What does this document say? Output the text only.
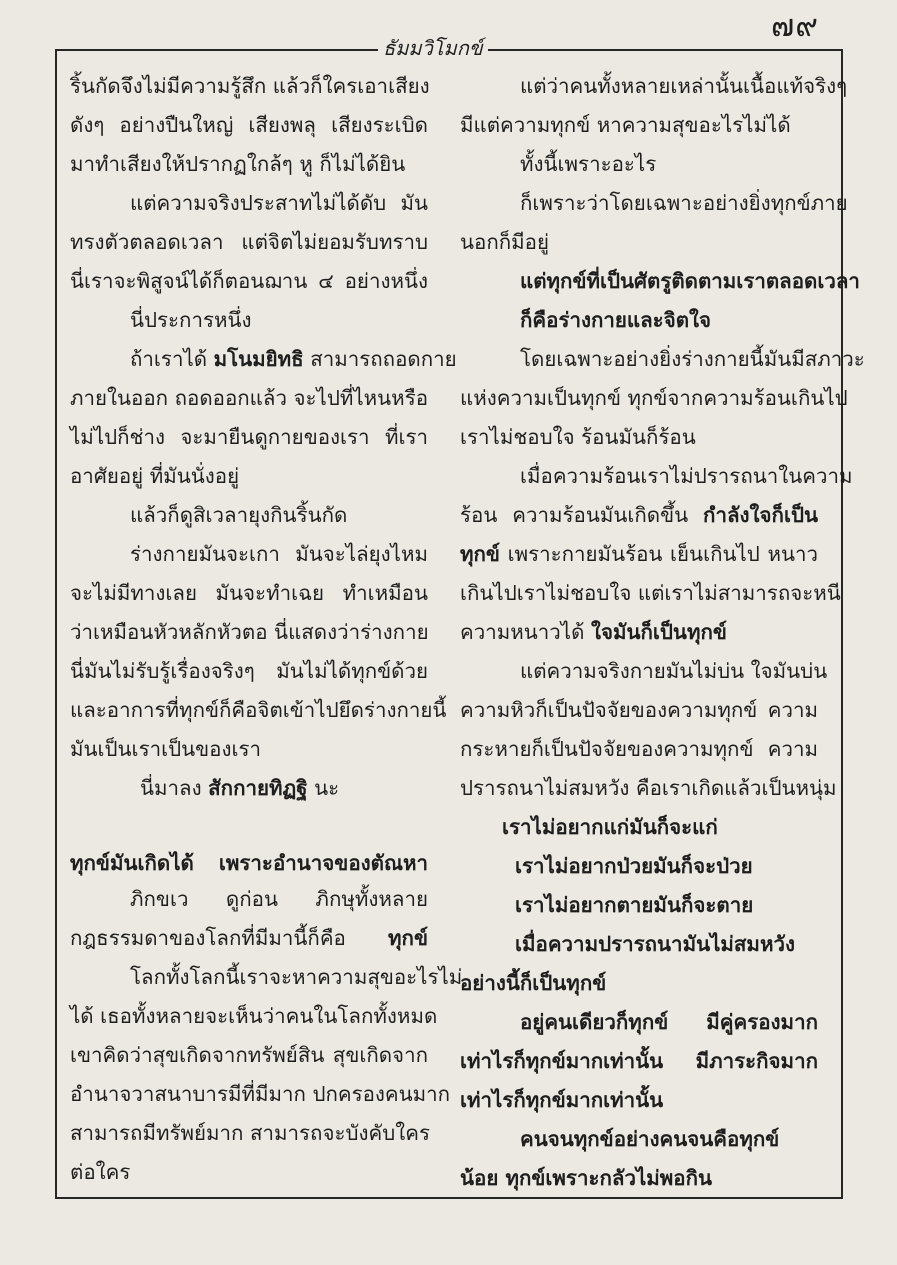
๗๙
ธัมมวิโมกข์
ริ้นกัดจึงไม่มีความรู้สึก แล้วก็ใครเอาเสียง
ดังๆ อย่างปืนใหญ่ เสียงพลุ เสียงระเบิด
มาทำเสียงให้ปรากฏใกล้ๆ หู ก็ไม่ได้ยิน
แต่ความจริงประสาทไม่ได้ดับ มัน
ทรงตัวตลอดเวลา แต่จิตไม่ยอมรับทราบ
นี่เราจะพิสูจน์ได้ก็ตอนฌาน ๔ อย่างหนึ่ง
นี่ประการหนึ่ง
ถ้าเราได้ มโนมยิทธิ สามารถถอดกาย
ภายในออก ถอดออกแล้ว จะไปที่ไหนหรือ
ไม่ไปก็ช่าง จะมายืนดูกายของเรา ที่เรา
อาศัยอยู่ ที่มันนั่งอยู่
แล้วก็ดูสิเวลายุงกินริ้นกัด
ร่างกายมันจะเกา มันจะไล่ยุงไหม
จะไม่มีทางเลย มันจะทำเฉย ทำเหมือน
ว่าเหมือนหัวหลักหัวตอ นี่แสดงว่าร่างกาย
นี่มันไม่รับรู้เรื่องจริงๆ มันไม่ได้ทุกข์ด้วย
และอาการที่ทุกข์ก็คือจิตเข้าไปยึดร่างกายนี้
มันเป็นเราเป็นของเรา
นี่มาลง สักกายทิฏฐิ นะ
ทุกข์มันเกิดได้ เพราะอำนาจของตัณหา
ภิกขเว ดูก่อน ภิกษุทั้งหลาย
กฎธรรมดาของโลกที่มีมานี้ก็คือ ทุกข์
โลกทั้งโลกนี้เราจะหาความสุขอะไรไม่
ได้ เธอทั้งหลายจะเห็นว่าคนในโลกทั้งหมด
เขาคิดว่าสุขเกิดจากทรัพย์สิน สุขเกิดจาก
อำนาจวาสนาบารมีที่มีมาก ปกครองคนมาก
สามารถมีทรัพย์มาก สามารถจะบังคับใคร
ต่อใคร
แต่ว่าคนทั้งหลายเหล่านั้นเนื้อแท้จริงๆ
มีแต่ความทุกข์ หาความสุขอะไรไม่ได้
ทั้งนี้เพราะอะไร
ก็เพราะว่าโดยเฉพาะอย่างยิ่งทุกข์ภาย
นอกก็มีอยู่
แต่ทุกข์ที่เป็นศัตรูติดตามเราตลอดเวลา
ก็คือร่างกายและจิตใจ
โดยเฉพาะอย่างยิ่งร่างกายนี้มันมีสภาวะ
แห่งความเป็นทุกข์ ทุกข์จากความร้อนเกินไป
เราไม่ชอบใจ ร้อนมันก็ร้อน
เมื่อความร้อนเราไม่ปรารถนาในความ
ร้อน ความร้อนมันเกิดขึ้น กำลังใจก็เป็น
ทุกข์ เพราะกายมันร้อน เย็นเกินไป หนาว
เกินไปเราไม่ชอบใจ แต่เราไม่สามารถจะหนี
ความหนาวได้ ใจมันก็เป็นทุกข์
แต่ความจริงกายมันไม่บ่น ใจมันบ่น
ความหิวก็เป็นปัจจัยของความทุกข์ ความ
กระหายก็เป็นปัจจัยของความทุกข์ ความ
ปรารถนาไม่สมหวัง คือเราเกิดแล้วเป็นหนุ่ม
เราไม่อยากแก่มันก็จะแก่
เราไม่อยากป่วยมันก็จะป่วย
เราไม่อยากตายมันก็จะตาย
เมื่อความปรารถนามันไม่สมหวัง
อย่างนี้ก็เป็นทุกข์
อยู่คนเดียวก็ทุกข์ มีคู่ครองมาก
เท่าไรก็ทุกข์มากเท่านั้น มีภาระกิจมาก
เท่าไรก็ทุกข์มากเท่านั้น
คนจนทุกข์อย่างคนจนคือทุกข์
น้อย ทุกข์เพราะกลัวไม่พอกิน
